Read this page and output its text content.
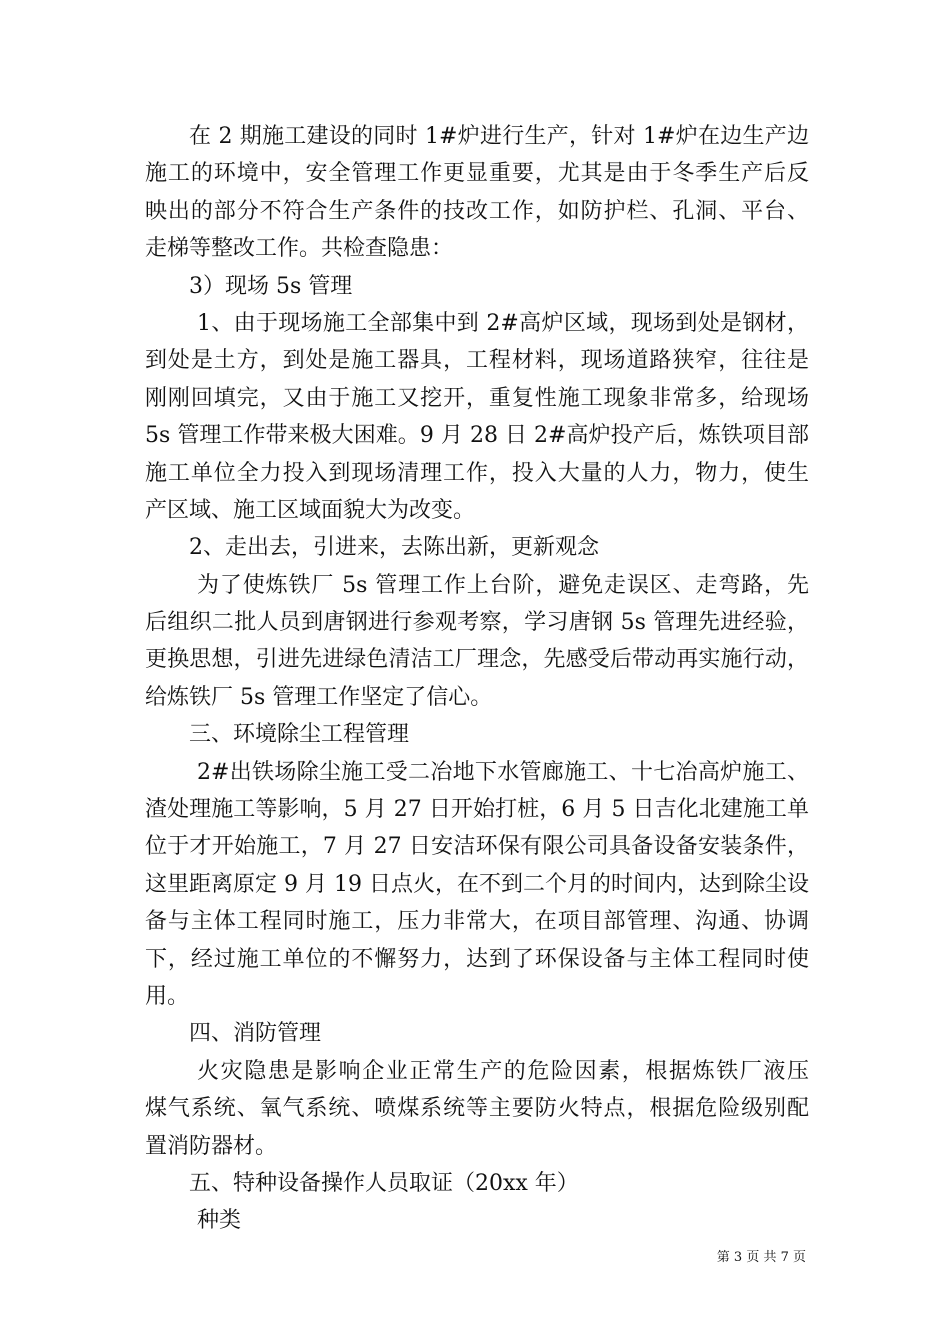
在 2 期施工建设的同时 1#炉进行生产，针对 1#炉在边生产边
施工的环境中，安全管理工作更显重要，尤其是由于冬季生产后反
映出的部分不符合生产条件的技改工作，如防护栏、孔洞、平台、
走梯等整改工作。共检查隐患：
3）现场 5s 管理
1、由于现场施工全部集中到 2#高炉区域，现场到处是钢材，
到处是土方，到处是施工器具，工程材料，现场道路狭窄，往往是
刚刚回填完，又由于施工又挖开，重复性施工现象非常多，给现场
5s 管理工作带来极大困难。9 月 28 日 2#高炉投产后，炼铁项目部
施工单位全力投入到现场清理工作，投入大量的人力，物力，使生
产区域、施工区域面貌大为改变。
2、走出去，引进来，去陈出新，更新观念
为了使炼铁厂 5s 管理工作上台阶，避免走误区、走弯路，先
后组织二批人员到唐钢进行参观考察，学习唐钢 5s 管理先进经验，
更换思想，引进先进绿色清洁工厂理念，先感受后带动再实施行动，
给炼铁厂 5s 管理工作坚定了信心。
三、环境除尘工程管理
2#出铁场除尘施工受二冶地下水管廊施工、十七冶高炉施工、
渣处理施工等影响，5 月 27 日开始打桩，6 月 5 日吉化北建施工单
位于才开始施工，7 月 27 日安洁环保有限公司具备设备安装条件，
这里距离原定 9 月 19 日点火，在不到二个月的时间内，达到除尘设
备与主体工程同时施工，压力非常大，在项目部管理、沟通、协调
下，经过施工单位的不懈努力，达到了环保设备与主体工程同时使
用。
四、消防管理
火灾隐患是影响企业正常生产的危险因素，根据炼铁厂液压
煤气系统、氧气系统、喷煤系统等主要防火特点，根据危险级别配
置消防器材。
五、特种设备操作人员取证（20xx 年）
种类
第 3 页 共 7 页
